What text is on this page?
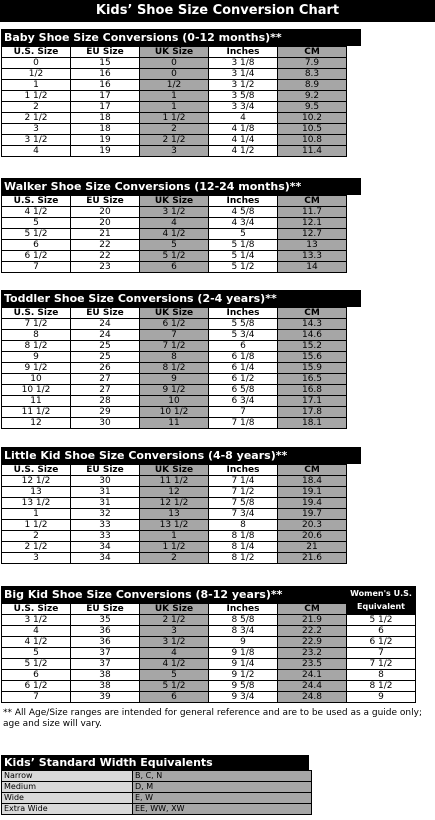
Kids’ Shoe Size Conversion Chart
Baby Shoe Size Conversions (0-12 months)**
U.S. Size	EU Size	UK Size	Inches	CM
0	15	0	3 1/8	7.9
1/2	16	0	3 1/4	8.3
1	16	1/2	3 1/2	8.9
1 1/2	17	1	3 5/8	9.2
2	17	1	3 3/4	9.5
2 1/2	18	1 1/2	4	10.2
3	18	2	4 1/8	10.5
3 1/2	19	2 1/2	4 1/4	10.8
4	19	3	4 1/2	11.4
Walker Shoe Size Conversions (12-24 months)**
U.S. Size	EU Size	UK Size	Inches	CM
4 1/2	20	3 1/2	4 5/8	11.7
5	20	4	4 3/4	12.1
5 1/2	21	4 1/2	5	12.7
6	22	5	5 1/8	13
6 1/2	22	5 1/2	5 1/4	13.3
7	23	6	5 1/2	14
Toddler Shoe Size Conversions (2-4 years)**
U.S. Size	EU Size	UK Size	Inches	CM
7 1/2	24	6 1/2	5 5/8	14.3
8	24	7	5 3/4	14.6
8 1/2	25	7 1/2	6	15.2
9	25	8	6 1/8	15.6
9 1/2	26	8 1/2	6 1/4	15.9
10	27	9	6 1/2	16.5
10 1/2	27	9 1/2	6 5/8	16.8
11	28	10	6 3/4	17.1
11 1/2	29	10 1/2	7	17.8
12	30	11	7 1/8	18.1
Little Kid Shoe Size Conversions (4-8 years)**
U.S. Size	EU Size	UK Size	Inches	CM
12 1/2	30	11 1/2	7 1/4	18.4
13	31	12	7 1/2	19.1
13 1/2	31	12 1/2	7 5/8	19.4
1	32	13	7 3/4	19.7
1 1/2	33	13 1/2	8	20.3
2	33	1	8 1/8	20.6
2 1/2	34	1 1/2	8 1/4	21
3	34	2	8 1/2	21.6
Big Kid Shoe Size Conversions (8-12 years)**
U.S. Size	EU Size	UK Size	Inches	CM	Women's U.S.
Equivalent

3 1/2	35	2 1/2	8 5/8	21.9	5 1/2
4	36	3	8 3/4	22.2	6
4 1/2	36	3 1/2	9	22.9	6 1/2
5	37	4	9 1/8	23.2	7
5 1/2	37	4 1/2	9 1/4	23.5	7 1/2
6	38	5	9 1/2	24.1	8
6 1/2	38	5 1/2	9 5/8	24.4	8 1/2
7	39	6	9 3/4	24.8	9
** All Age/Size ranges are intended for general reference and are to be used as a guide only; age and size will vary.
Kids’ Standard Width Equivalents
Narrow	B, C, N
Medium	D, M
Wide	E, W
Extra Wide	EE, WW, XW
